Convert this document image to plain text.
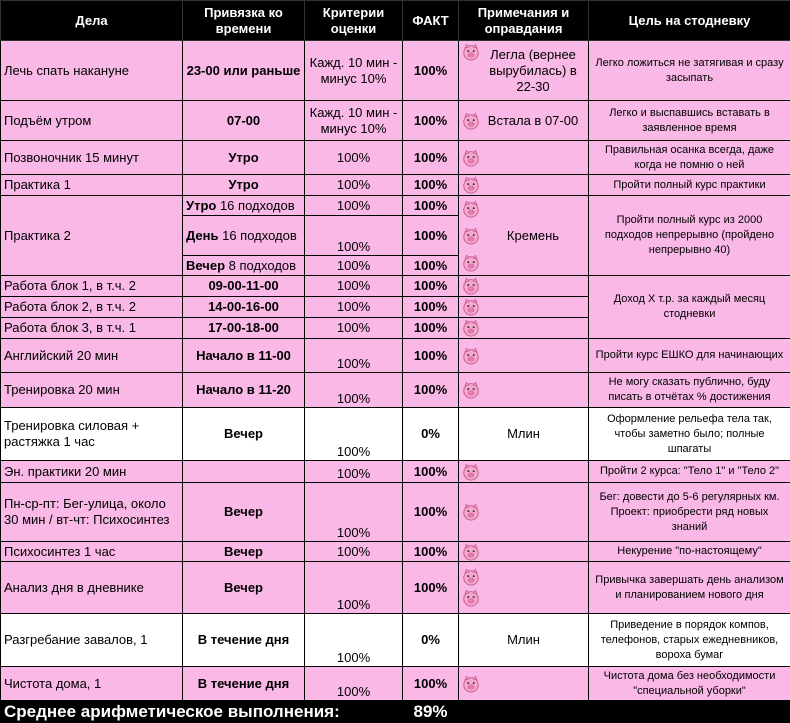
Дела	Привязка ко времени	Критерии оценки	ФАКТ	Примечания и оправдания	Цель на стодневку
Лечь спать накануне	23-00 или раньше	Кажд. 10 мин - минус 10%	100%	Легла (вернее вырубилась) в 22-30	Легко ложиться не затягивая и сразу засыпать
Подъём утром	07-00	Кажд. 10 мин - минус 10%	100%	Встала в 07-00	Легко и выспавшись вставать в заявленное время
Позвоночник 15 минут	Утро	100%	100%		Правильная осанка всегда, даже когда не помню о ней
Практика 1	Утро	100%	100%		Пройти полный курс практики
Практика 2	Утро 16 подходов	100%	100%	Кремень	Пройти полный курс из 2000 подходов непрерывно (пройдено непрерывно 40)
	День 16 подходов	100%	100%		
	Вечер 8 подходов	100%	100%		
Работа блок 1, в т.ч. 2	09-00-11-00	100%	100%		Доход Х т.р. за каждый месяц стодневки
Работа блок 2, в т.ч. 2	14-00-16-00	100%	100%	

Работа блок 3, в т.ч. 1	17-00-18-00	100%	100%	

Английский 20 мин	Начало в 11-00	100%	100%		Пройти курс ЕШКО для начинающих
Тренировка 20 мин	Начало в 11-20	100%	100%		Не могу сказать публично, буду писать в отчётах % достижения
Тренировка силовая + растяжка 1 час	Вечер	100%	0%	Млин	Оформление рельефа тела так, чтобы заметно было; полные шпагаты
Эн. практики 20 мин		100%	100%		Пройти 2 курса: "Тело 1" и "Тело 2"
Пн-ср-пт: Бег-улица, около 30 мин / вт-чт: Психосинтез	Вечер	100%	100%		Бег: довести до 5-6 регулярных км. Проект: приобрести ряд новых знаний
Психосинтез 1 час	Вечер	100%	100%		Некурение "по-настоящему"
Анализ дня в дневнике	Вечер	100%	100%		Привычка завершать день анализом и планированием нового дня
Разгребание завалов, 1	В течение дня	100%	0%	Млин	Приведение в порядок компов, телефонов, старых ежедневников, вороха бумаг
Чистота дома, 1	В течение дня	100%	100%		Чистота дома без необходимости "специальной уборки"
Среднее арифметическое выполнения:			89%		
